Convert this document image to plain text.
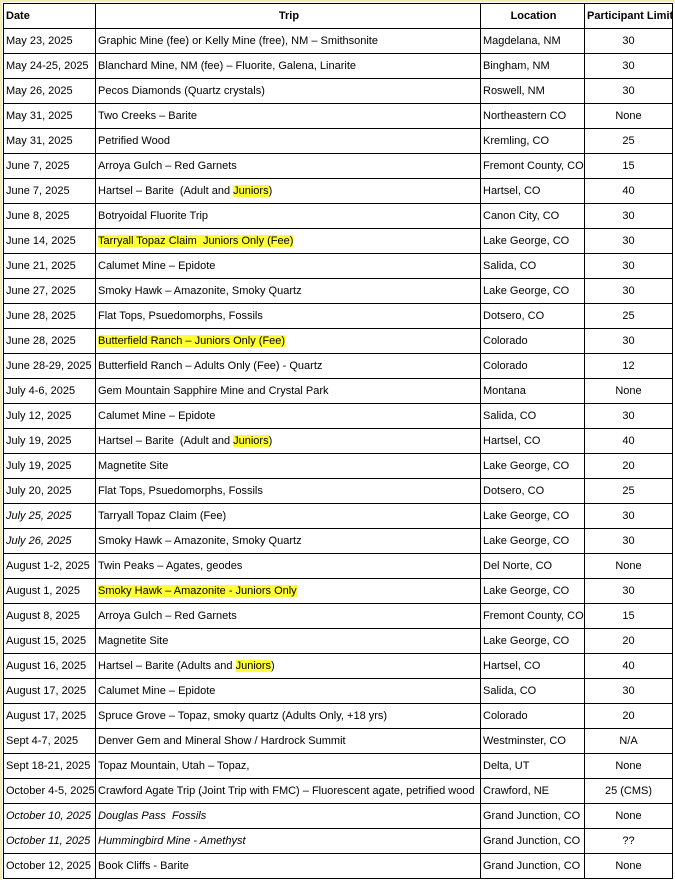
Date	Trip	Location	Participant Limit
May 23, 2025	Graphic Mine (fee) or Kelly Mine (free), NM – Smithsonite	Magdelana, NM	30
May 24-25, 2025	Blanchard Mine, NM (fee) – Fluorite, Galena, Linarite	Bingham, NM	30
May 26, 2025	Pecos Diamonds (Quartz crystals)	Roswell, NM	30
May 31, 2025	Two Creeks – Barite	Northeastern CO	None
May 31, 2025	Petrified Wood	Kremling, CO	25
June 7, 2025	Arroya Gulch – Red Garnets	Fremont County, CO	15
June 7, 2025	Hartsel – Barite  (Adult and Juniors)	Hartsel, CO	40
June 8, 2025	Botryoidal Fluorite Trip	Canon City, CO	30
June 14, 2025	Tarryall Topaz Claim  Juniors Only (Fee)	Lake George, CO	30
June 21, 2025	Calumet Mine – Epidote	Salida, CO	30
June 27, 2025	Smoky Hawk – Amazonite, Smoky Quartz	Lake George, CO	30
June 28, 2025	Flat Tops, Psuedomorphs, Fossils	Dotsero, CO	25
June 28, 2025	Butterfield Ranch – Juniors Only (Fee)	Colorado	30
June 28-29, 2025	Butterfield Ranch – Adults Only (Fee) - Quartz	Colorado	12
July 4-6, 2025	Gem Mountain Sapphire Mine and Crystal Park	Montana	None
July 12, 2025	Calumet Mine – Epidote	Salida, CO	30
July 19, 2025	Hartsel – Barite  (Adult and Juniors)	Hartsel, CO	40
July 19, 2025	Magnetite Site	Lake George, CO	20
July 20, 2025	Flat Tops, Psuedomorphs, Fossils	Dotsero, CO	25
July 25, 2025	Tarryall Topaz Claim (Fee)	Lake George, CO	30
July 26, 2025	Smoky Hawk – Amazonite, Smoky Quartz	Lake George, CO	30
August 1-2, 2025	Twin Peaks – Agates, geodes	Del Norte, CO	None
August 1, 2025	Smoky Hawk – Amazonite - Juniors Only	Lake George, CO	30
August 8, 2025	Arroya Gulch – Red Garnets	Fremont County, CO	15
August 15, 2025	Magnetite Site	Lake George, CO	20
August 16, 2025	Hartsel – Barite (Adults and Juniors)	Hartsel, CO	40
August 17, 2025	Calumet Mine – Epidote	Salida, CO	30
August 17, 2025	Spruce Grove – Topaz, smoky quartz (Adults Only, +18 yrs)	Colorado	20
Sept 4-7, 2025	Denver Gem and Mineral Show / Hardrock Summit	Westminster, CO	N/A
Sept 18-21, 2025	Topaz Mountain, Utah – Topaz,	Delta, UT	None
October 4-5, 2025	Crawford Agate Trip (Joint Trip with FMC) – Fluorescent agate, petrified wood	Crawford, NE	25 (CMS)
October 10, 2025	Douglas Pass  Fossils	Grand Junction, CO	None
October 11, 2025	Hummingbird Mine - Amethyst	Grand Junction, CO	??
October 12, 2025	Book Cliffs - Barite	Grand Junction, CO	None
